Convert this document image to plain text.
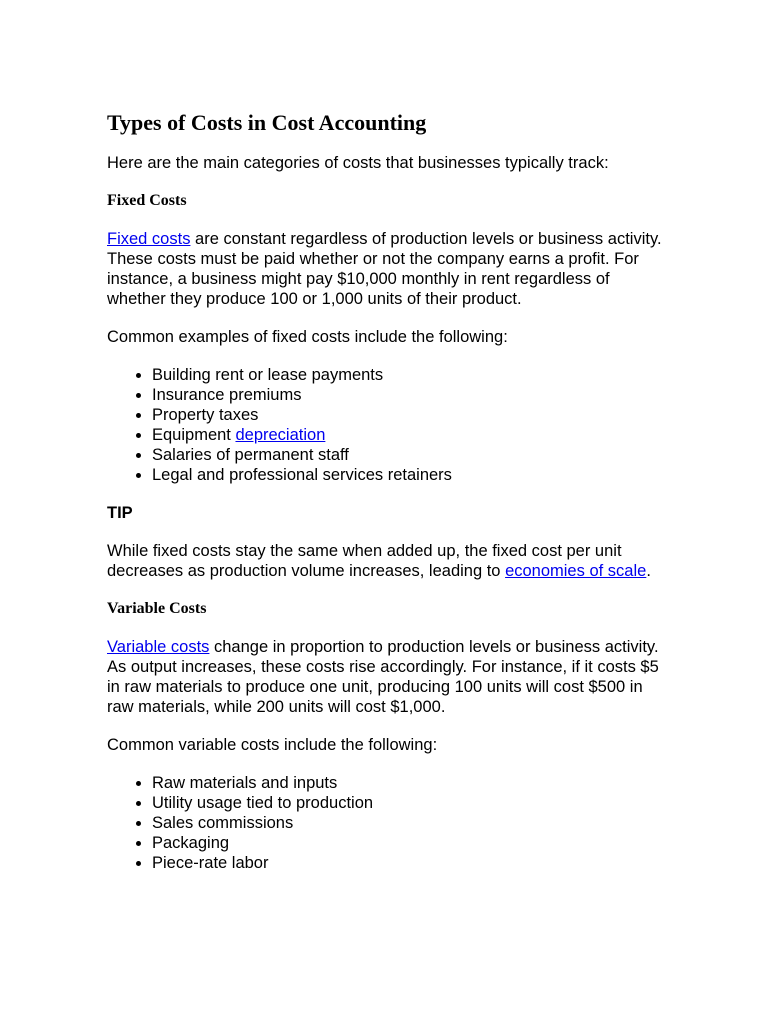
Types of Costs in Cost Accounting

Here are the main categories of costs that businesses typically track:

Fixed Costs

Fixed costs are constant regardless of production levels or business activity. These costs must be paid whether or not the company earns a profit. For instance, a business might pay $10,000 monthly in rent regardless of whether they produce 100 or 1,000 units of their product.

Common examples of fixed costs include the following:

• Building rent or lease payments
• Insurance premiums
• Property taxes
• Equipment depreciation
• Salaries of permanent staff
• Legal and professional services retainers
TIP

While fixed costs stay the same when added up, the fixed cost per unit decreases as production volume increases, leading to economies of scale.

Variable Costs

Variable costs change in proportion to production levels or business activity. As output increases, these costs rise accordingly. For instance, if it costs $5 in raw materials to produce one unit, producing 100 units will cost $500 in raw materials, while 200 units will cost $1,000.

Common variable costs include the following:

• Raw materials and inputs
• Utility usage tied to production
• Sales commissions
• Packaging
• Piece-rate labor
